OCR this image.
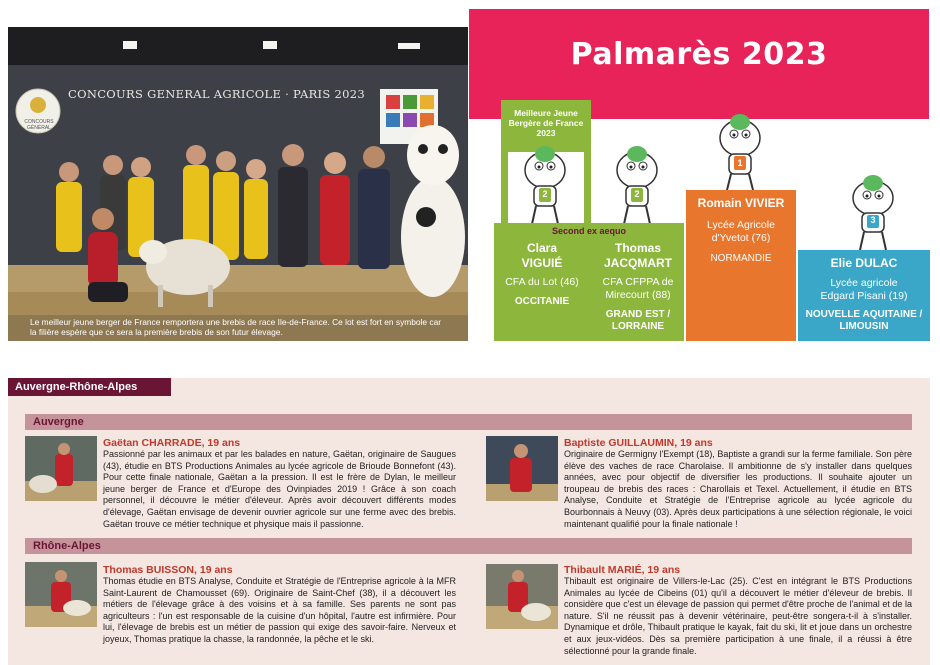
CONCOURS GENERAL AGRICOLE · PARIS 2023
CONCOURS GÉNÉRAL
Le meilleur jeune berger de France remportera une brebis de race Ile-de-France. Ce lot est fort en symbole car la filière espère que ce sera la première brebis de son futur élevage.
Palmarès 2023
Meilleure Jeune Bergère de France 2023
2	2
1
3
Second ex aequo
Clara
VIGUIÉ
CFA du Lot (46)
OCCITANIE
Thomas
JACQMART
CFA CFPPA de Mirecourt (88)
GRAND EST / LORRAINE
Romain VIVIER
Lycée Agricole d'Yvetot (76)
NORMANDIE	Elie DULAC
Lycée agricole Edgard Pisani (19)
NOUVELLE AQUITAINE / LIMOUSIN
Auvergne-Rhône-Alpes
Auvergne
Rhône-Alpes
Gaëtan CHARRADE, 19 ans
Passionné par les animaux et par les balades en nature, Gaëtan, originaire de Saugues (43), étudie en BTS Productions Animales au lycée agricole de Brioude Bonnefont (43). Pour cette finale nationale, Gaëtan a la pression. Il est le frère de Dylan, le meilleur jeune berger de France et d'Europe des Ovinpiades 2019 ! Grâce à son coach personnel, il découvre le métier d'éleveur. Après avoir découvert différents modes d'élevage, Gaëtan envisage de devenir ouvrier agricole sur une ferme avec des brebis. Gaëtan trouve ce métier technique et physique mais il passionne.
Baptiste GUILLAUMIN, 19 ans
Originaire de Germigny l'Exempt (18), Baptiste a grandi sur la ferme familiale. Son père élève des vaches de race Charolaise. Il ambitionne de s'y installer dans quelques années, avec pour objectif de diversifier les productions. Il souhaite ajouter un troupeau de brebis des races : Charollais et Texel. Actuellement, il étudie en BTS Analyse, Conduite et Stratégie de l'Entreprise agricole au lycée agricole du Bourbonnais à Neuvy (03). Après deux participations à une sélection régionale, le voici maintenant qualifié pour la finale nationale !
Thomas BUISSON, 19 ans
Thomas étudie en BTS Analyse, Conduite et Stratégie de l'Entreprise agricole à la MFR Saint-Laurent de Chamousset (69). Originaire de Saint-Chef (38), il a découvert les métiers de l'élevage grâce à des voisins et à sa famille. Ses parents ne sont pas agriculteurs : l'un est responsable de la cuisine d'un hôpital, l'autre est infirmière. Pour lui, l'élevage de brebis est un métier de passion qui exige des savoir-faire. Nerveux et joyeux, Thomas pratique la chasse, la randonnée, la pêche et le ski.
Thibault MARIÉ, 19 ans
Thibault est originaire de Villers-le-Lac (25). C'est en intégrant le BTS Productions Animales au lycée de Cibeins (01) qu'il a découvert le métier d'éleveur de brebis. Il considère que c'est un élevage de passion qui permet d'être proche de l'animal et de la nature. S'il ne réussit pas à devenir vétérinaire, peut-être songera-t-il à s'installer. Dynamique et drôle, Thibault pratique le kayak, fait du ski, lit et joue dans un orchestre et aux jeux-vidéos. Dès sa première participation à une finale, il a réussi à être sélectionné pour la grande finale.
